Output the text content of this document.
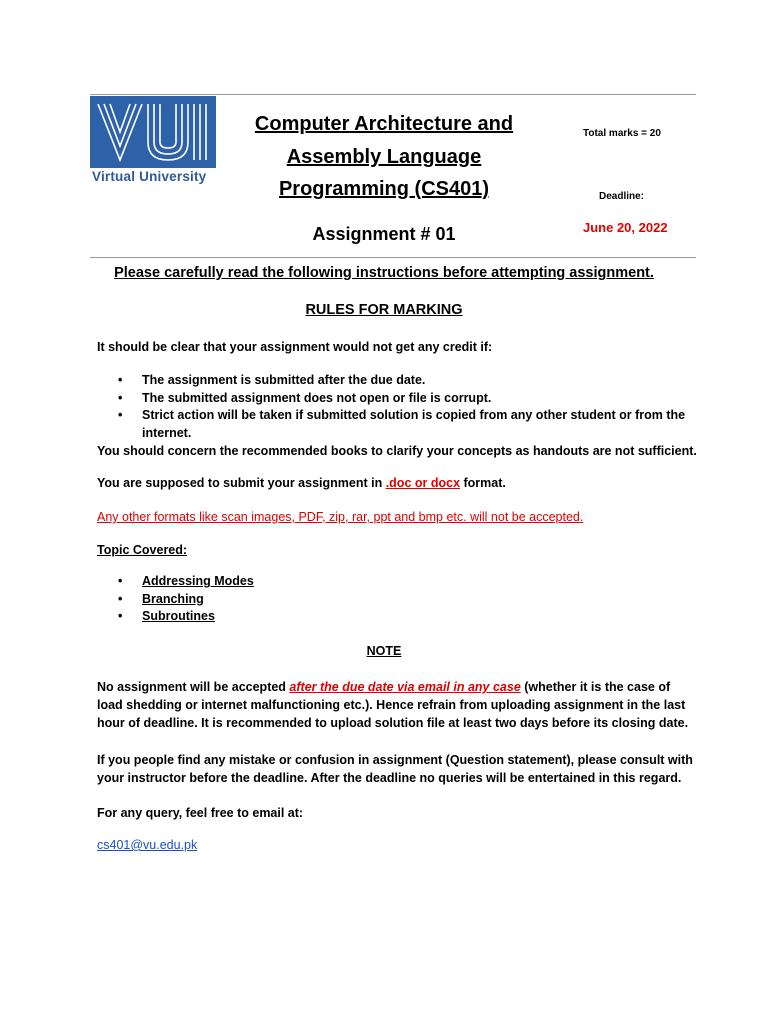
Virtual University
Computer Architecture and
Assembly Language
Programming (CS401)
Assignment # 01
Total marks = 20
Deadline:
June 20, 2022
Please carefully read the following instructions before attempting assignment.
RULES FOR MARKING
It should be clear that your assignment would not get any credit if:
• The assignment is submitted after the due date.
• The submitted assignment does not open or file is corrupt.
• Strict action will be taken if submitted solution is copied from any other student or from the internet.
You should concern the recommended books to clarify your concepts as handouts are not sufficient.
You are supposed to submit your assignment in .doc or docx format.
Any other formats like scan images, PDF, zip, rar, ppt and bmp etc. will not be accepted.
Topic Covered:
• Addressing Modes
• Branching
• Subroutines
NOTE
No assignment will be accepted after the due date via email in any case (whether it is the case of load shedding or internet malfunctioning etc.). Hence refrain from uploading assignment in the last hour of deadline. It is recommended to upload solution file at least two days before its closing date.
If you people find any mistake or confusion in assignment (Question statement), please consult with your instructor before the deadline. After the deadline no queries will be entertained in this regard.
For any query, feel free to email at:
cs401@vu.edu.pk
